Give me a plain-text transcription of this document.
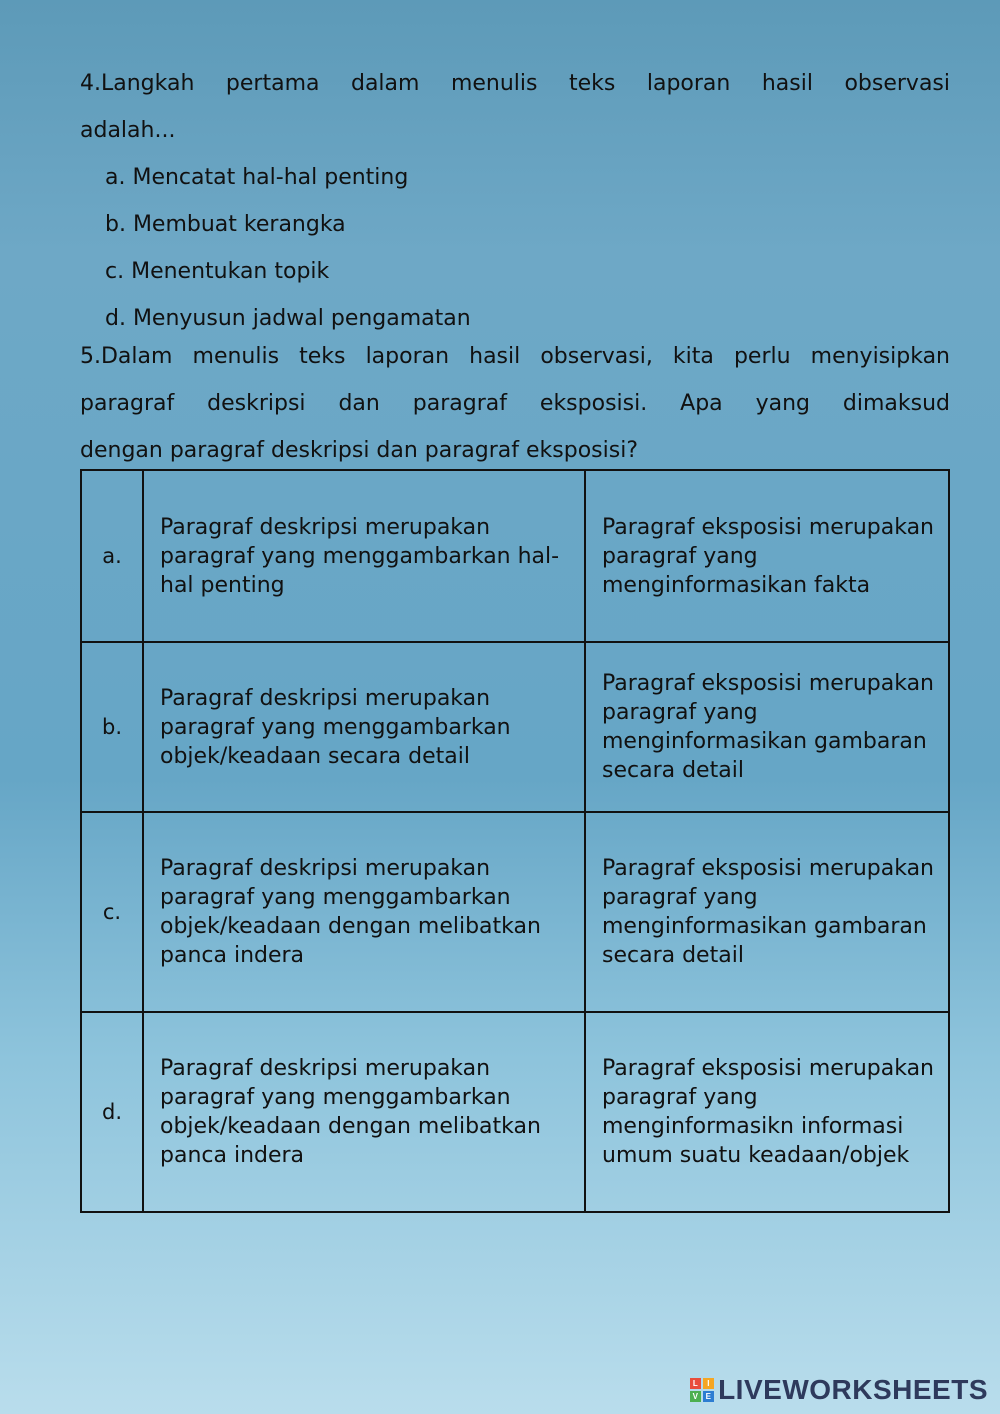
4.Langkah pertama dalam menulis teks laporan hasil observasi
adalah...
a. Mencatat hal-hal penting
b. Membuat kerangka
c. Menentukan topik
d. Menyusun jadwal pengamatan
5.Dalam menulis teks laporan hasil observasi, kita perlu menyisipkan
paragraf deskripsi dan paragraf eksposisi. Apa yang dimaksud
dengan paragraf deskripsi dan paragraf eksposisi?
a.	Paragraf deskripsi merupakan paragraf yang menggambarkan hal-hal penting	Paragraf eksposisi merupakan paragraf yang menginformasikan fakta
b.	Paragraf deskripsi merupakan paragraf yang menggambarkan objek/keadaan secara detail	Paragraf eksposisi merupakan paragraf yang menginformasikan gambaran secara detail
c.	Paragraf deskripsi merupakan paragraf yang menggambarkan objek/keadaan dengan melibatkan panca indera	Paragraf eksposisi merupakan paragraf yang menginformasikan gambaran secara detail
d.	Paragraf deskripsi merupakan paragraf yang menggambarkan objek/keadaan dengan melibatkan panca indera	Paragraf eksposisi merupakan paragraf yang menginformasikn informasi umum suatu keadaan/objek
L	I
V E LIVEWORKSHEETS
